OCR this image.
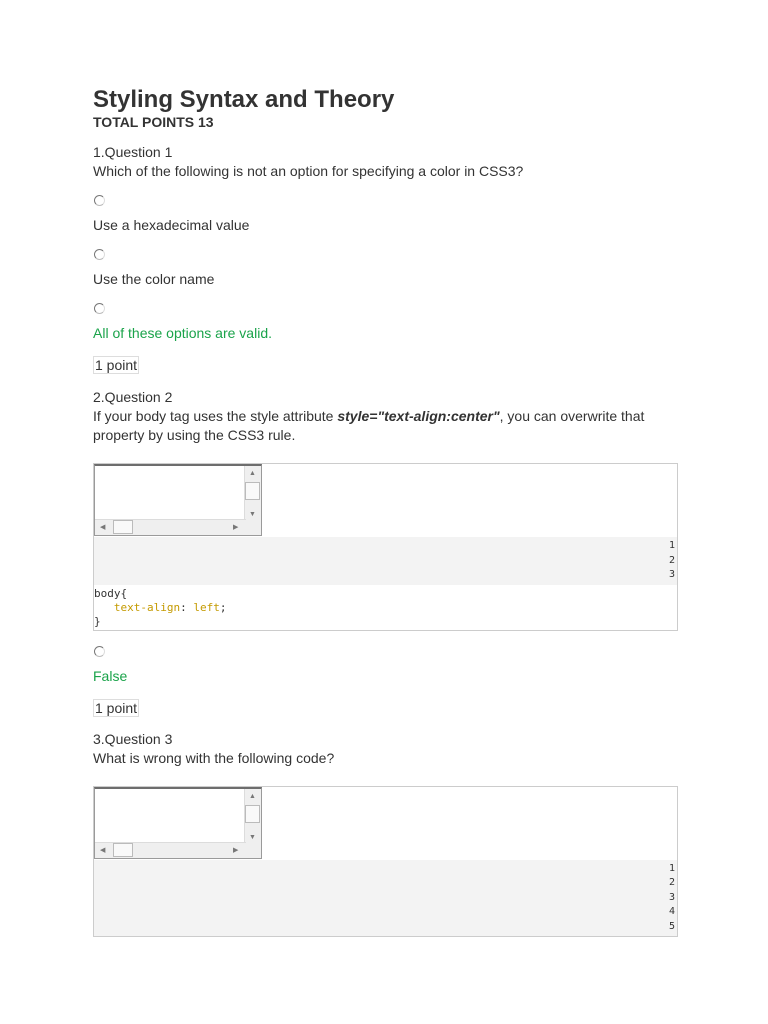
Styling Syntax and Theory
TOTAL POINTS 13
1.Question 1
Which of the following is not an option for specifying a color in CSS3?
Use a hexadecimal value
Use the color name
All of these options are valid.
1 point
2.Question 2
If your body tag uses the style attribute style="text-align:center", you can overwrite that property by using the CSS3 rule.
▲
▼
◀	▶
1
2
3
body{
text-align: left;
}
False
1 point
3.Question 3
What is wrong with the following code?
▲
▼
◀	▶
1
2
3
4
5
